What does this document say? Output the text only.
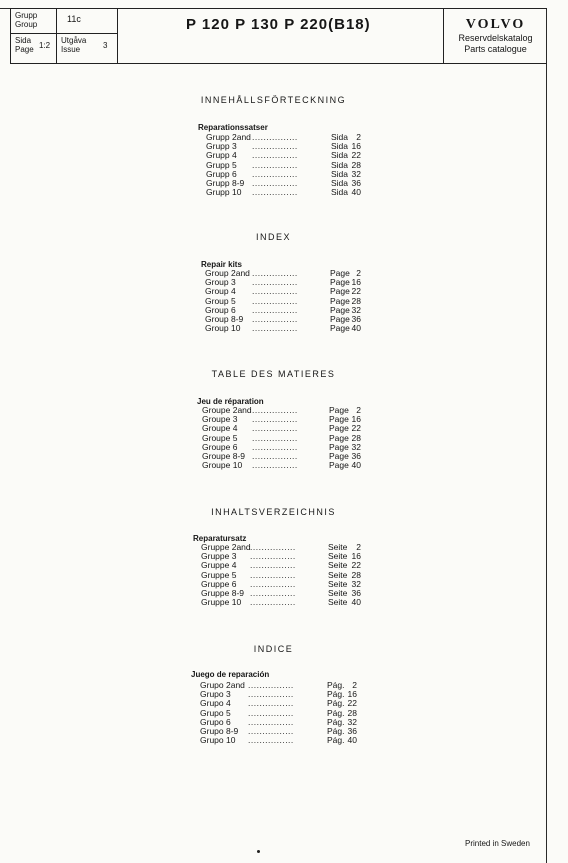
Grupp
Group
11c
Sida
Page 1:2
Utgåva
Issue	3
P 120 P 130 P 220(B18)	VOLVO
Reservdelskatalog
Parts catalogue
INNEHÅLLSFÖRTECKNING
Reparationssatser
Grupp 2and ................	Sida 2
Grupp 3 ................	Sida 16
Grupp 4 ................	Sida 22
Grupp 5 ................	Sida 28
Grupp 6 ................	Sida 32
Grupp 8-9 ................	Sida 36
Grupp 10 ................	Sida 40
INDEX
Repair kits
Group 2and ................	Page 2
Group 3 ................	Page 16
Group 4 ................	Page 22
Group 5 ................	Page 28
Group 6 ................	Page 32
Group 8-9 ................	Page 36
Group 10 ................	Page 40
TABLE DES MATIERES
Jeu de réparation
Groupe 2and ................	Page 2
Groupe 3 ................	Page 16
Groupe 4 ................	Page 22
Groupe 5 ................	Page 28
Groupe 6 ................	Page 32
Groupe 8-9 ................	Page 36
Groupe 10 ................	Page 40
INHALTSVERZEICHNIS
Reparatursatz
Gruppe 2and ................	Seite	2
Gruppe 3 ................	Seite 16
Gruppe 4 ................	Seite 22
Gruppe 5 ................	Seite 28
Gruppe 6 ................	Seite 32
Gruppe 8-9 ................	Seite 36
Gruppe 10 ................	Seite 40
INDICE
Juego de reparación
Grupo 2and ................	Pág. 2
Grupo 3 ................	Pág. 16
Grupo 4 ................	Pág. 22
Grupo 5 ................	Pág. 28
Grupo 6 ................	Pág. 32
Grupo 8-9 ................	Pág. 36
Grupo 10 ................	Pág. 40
Printed in Sweden
